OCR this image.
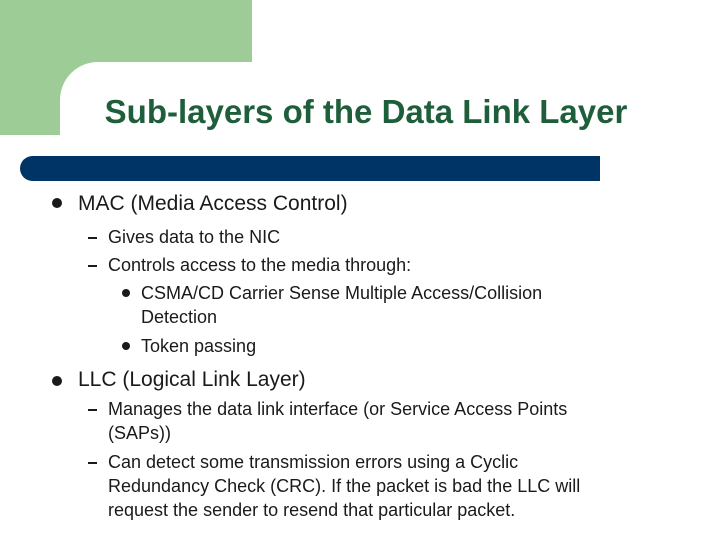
Sub-layers of the Data Link Layer

MAC (Media Access Control)

Gives data to the NIC

Controls access to the media through:

CSMA/CD Carrier Sense Multiple Access/Collision

Detection

Token passing

LLC (Logical Link Layer)

Manages the data link interface (or Service Access Points

(SAPs))

Can detect some transmission errors using a Cyclic

Redundancy Check (CRC). If the packet is bad the LLC will

request the sender to resend that particular packet.
